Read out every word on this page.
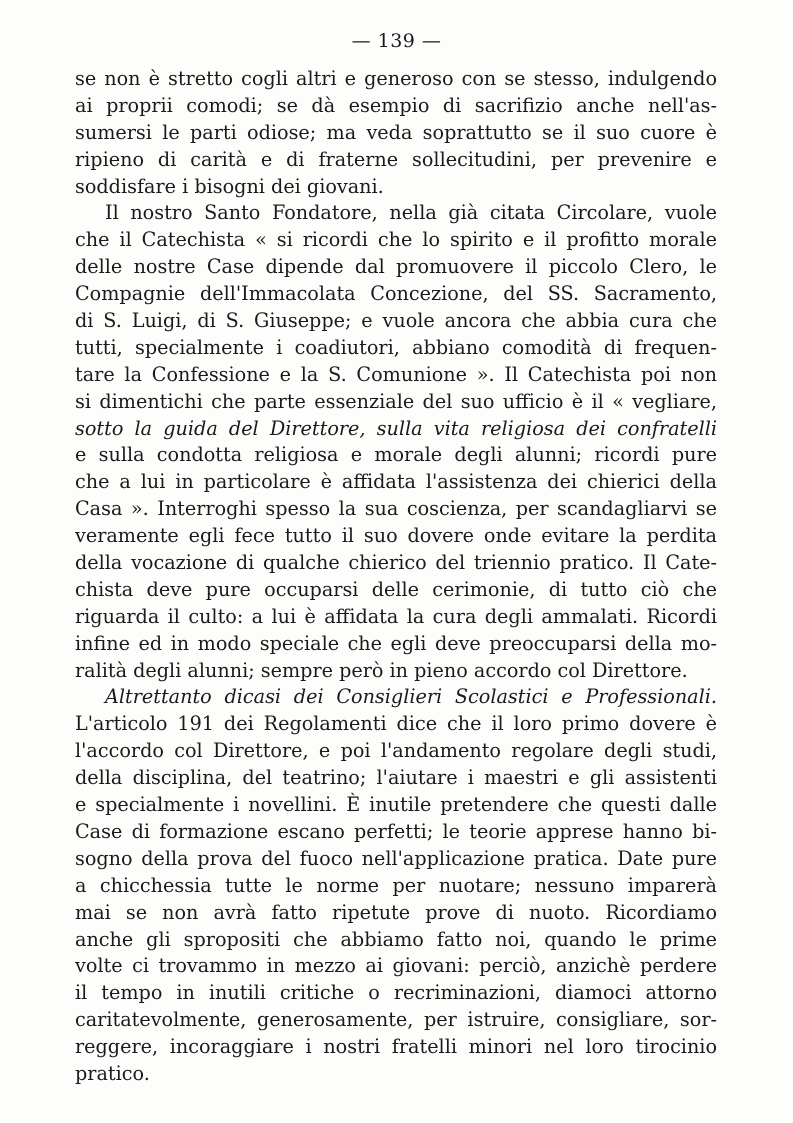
— 139 —
se non è stretto cogli altri e generoso con se stesso, indulgendo
ai proprii comodi; se dà esempio di sacrifizio anche nell'as-
sumersi le parti odiose; ma veda soprattutto se il suo cuore è
ripieno di carità e di fraterne sollecitudini, per prevenire e
soddisfare i bisogni dei giovani.
Il nostro Santo Fondatore, nella già citata Circolare, vuole
che il Catechista « si ricordi che lo spirito e il profitto morale
delle nostre Case dipende dal promuovere il piccolo Clero, le
Compagnie dell'Immacolata Concezione, del SS. Sacramento,
di S. Luigi, di S. Giuseppe; e vuole ancora che abbia cura che
tutti, specialmente i coadiutori, abbiano comodità di frequen-
tare la Confessione e la S. Comunione ». Il Catechista poi non
si dimentichi che parte essenziale del suo ufficio è il « vegliare,
sotto la guida del Direttore, sulla vita religiosa dei confratelli
e sulla condotta religiosa e morale degli alunni; ricordi pure
che a lui in particolare è affidata l'assistenza dei chierici della
Casa ». Interroghi spesso la sua coscienza, per scandagliarvi se
veramente egli fece tutto il suo dovere onde evitare la perdita
della vocazione di qualche chierico del triennio pratico. Il Cate-
chista deve pure occuparsi delle cerimonie, di tutto ciò che
riguarda il culto: a lui è affidata la cura degli ammalati. Ricordi
infine ed in modo speciale che egli deve preoccuparsi della mo-
ralità degli alunni; sempre però in pieno accordo col Direttore.
Altrettanto dicasi dei Consiglieri Scolastici e Professionali.
L'articolo 191 dei Regolamenti dice che il loro primo dovere è
l'accordo col Direttore, e poi l'andamento regolare degli studi,
della disciplina, del teatrino; l'aiutare i maestri e gli assistenti
e specialmente i novellini. È inutile pretendere che questi dalle
Case di formazione escano perfetti; le teorie apprese hanno bi-
sogno della prova del fuoco nell'applicazione pratica. Date pure
a chicchessia tutte le norme per nuotare; nessuno imparerà
mai se non avrà fatto ripetute prove di nuoto. Ricordiamo
anche gli spropositi che abbiamo fatto noi, quando le prime
volte ci trovammo in mezzo ai giovani: perciò, anzichè perdere
il tempo in inutili critiche o recriminazioni, diamoci attorno
caritatevolmente, generosamente, per istruire, consigliare, sor-
reggere, incoraggiare i nostri fratelli minori nel loro tirocinio
pratico.
